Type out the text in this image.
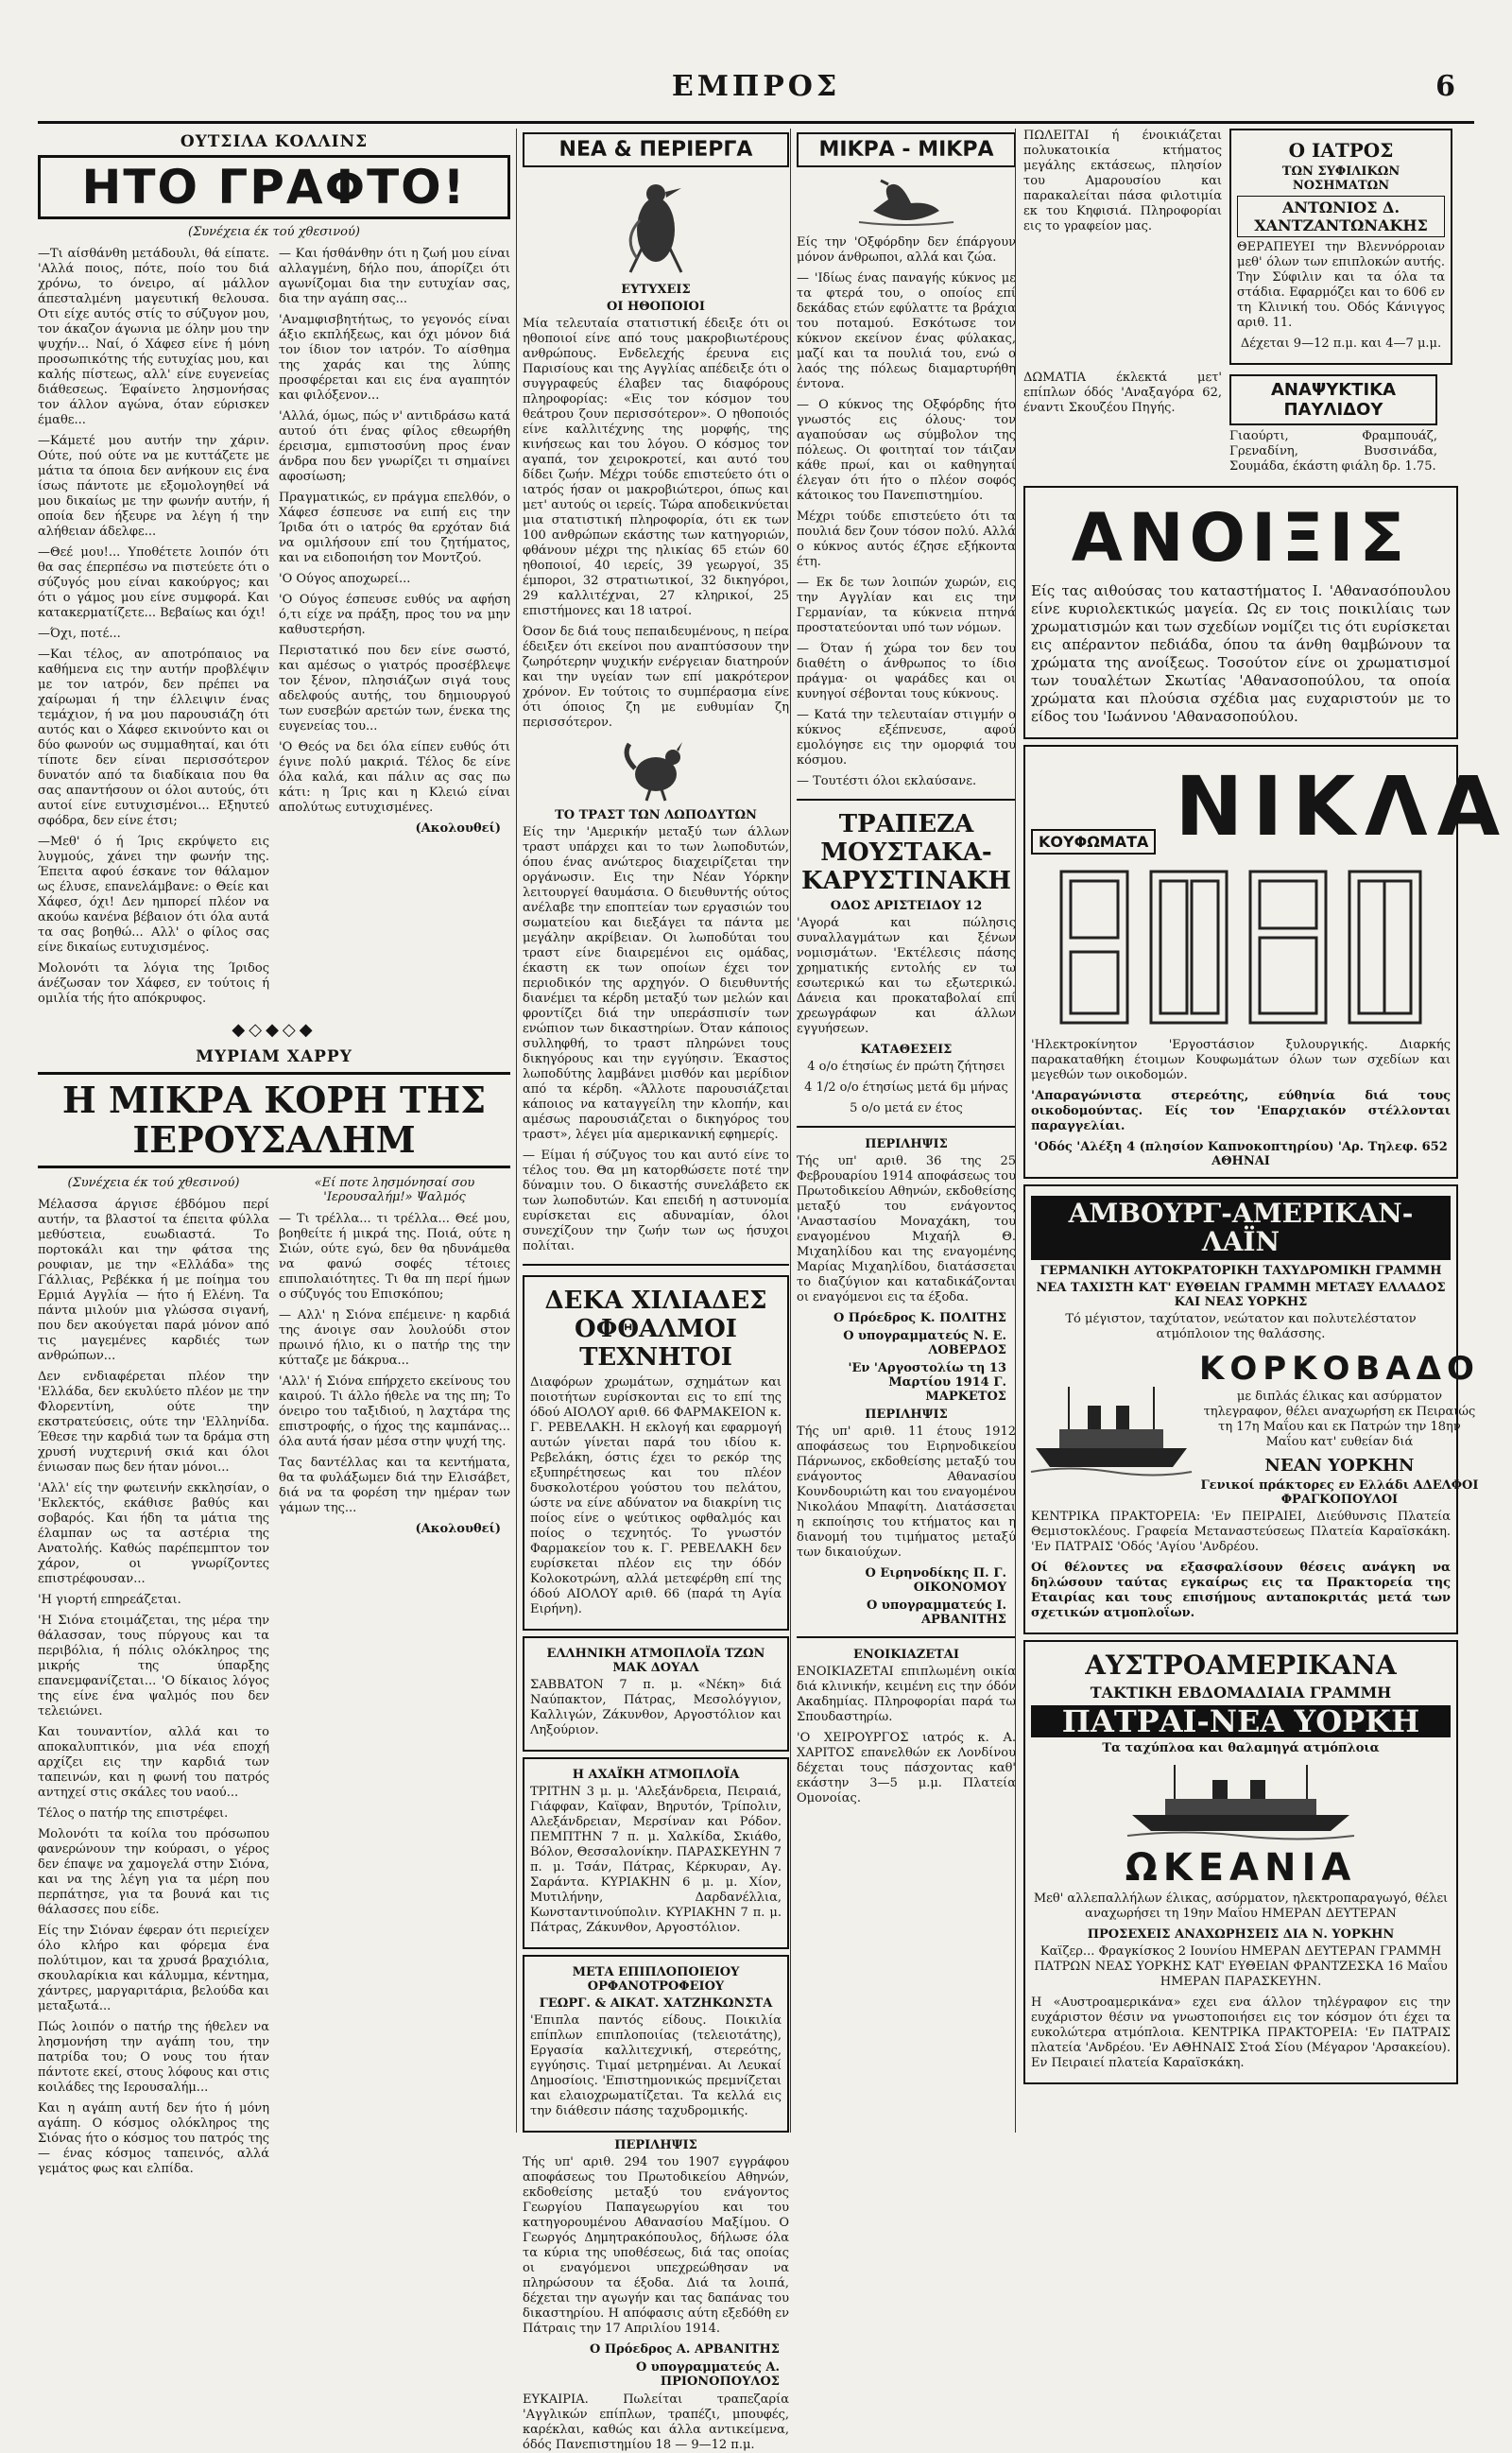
ΕΜΠΡΟΣ	6
ΟΥΤΣΙΛΑ ΚΟΛΛΙΝΣ
ΗΤΟ ΓΡΑΦΤΟ!
(Συνέχεια έκ τού χθεσινού)

—Τι αίσθάνθη μετάδουλι, θά είπατε. 'Αλλά ποιος, πότε, ποίο του διά χρόνω, το όνειρο, αί μάλλον άπεσταλμένη μαγευτική θελουσα. Οτι είχε αυτός στίς το σύζυγον μου, τον άκαζον άγωνια με όλην μου την ψυχήν... Ναί, ό Χάφεσ είνε ή μόνη προσωπικότης τής ευτυχίας μου, και καλής πίστεως, αλλ' είνε ευγενείας διάθεσεως. Έφαίνετο λησμονήσας τον άλλον αγώνα, όταν εύρισκεν έμαθε...

—Κάμετέ μου αυτήν την χάριν. Ούτε, πού ούτε να με κυττάζετε με μάτια τα όποια δεν ανήκουν εις ένα ίσως πάντοτε με εξομολογηθεί νά μου δικαίως με την φωνήν αυτήν, ή οποία δεν ήξευρε να λέγη ή την αλήθειαν άδελφε...

—Θεέ μου!... Υποθέτετε λοιπόν ότι θα σας έπερπέσω να πιστεύετε ότι ο σύζυγός μου είναι κακούργος; και ότι ο γάμος μου είνε συμφορά. Και κατακερματίζετε... Βεβαίως και όχι!

—Όχι, ποτέ...

—Και τέλος, αν αποτρόπαιος να καθήμενα εις την αυτήν προβλέψιν με τον ιατρόν, δεν πρέπει να χαίρωμαι ή την έλλειψιν ένας τεμάχιον, ή να μου παρουσιάζη ότι αυτός και ο Χάφεσ εκινούντο και οι δύο φωνούν ως συμμαθηταί, και ότι τίποτε δεν είναι περισσότερον δυνατόν από τα διαδίκαια που θα σας απαντήσουν οι όλοι αυτούς, ότι αυτοί είνε ευτυχισμένοι... Εξηυτεύ σφόδρα, δεν είνε έτσι;

—Μεθ' ό ή Ίρις εκρύψετο εις λυγμούς, χάνει την φωνήν της. Έπειτα αφού έσκανε τον θάλαμον ως έλυσε, επανελάμβανε: ο Θείε και Χάφεσ, όχι! Δεν ημπορεί πλέον να ακούω κανένα βέβαιον ότι όλα αυτά τα σας βοηθώ... Αλλ' ο φίλος σας είνε δικαίως ευτυχισμένος.

Μολονότι τα λόγια της Ίριδος άνέζωσαν τον Χάφεσ, εν τούτοις ή ομιλία τής ήτο απόκρυφος.

— Και ήσθάνθην ότι η ζωή μου είναι αλλαγμένη, δήλο που, άπορίζει ότι αγωνίζομαι δια την ευτυχίαν σας, δια την αγάπη σας...

'Αναμφισβητήτως, το γεγονός είναι άξιο εκπλήξεως, και όχι μόνον διά τον ίδιον τον ιατρόν. Το αίσθημα της χαράς και της λύπης προσφέρεται και εις ένα αγαπητόν και φιλόξενον...

'Αλλά, όμως, πώς ν' αντιδράσω κατά αυτού ότι ένας φίλος εθεωρήθη έρεισμα, εμπιστοσύνη προς έναν άνδρα που δεν γνωρίζει τι σημαίνει αφοσίωση;

Πραγματικώς, εν πράγμα επελθόν, ο Χάφεσ έσπευσε να ειπή εις την Ίριδα ότι ο ιατρός θα ερχόταν διά να ομιλήσουν επί του ζητήματος, και να ειδοποιήση τον Μοντζού.

'Ο Ούγος αποχωρεί...

'Ο Ούγος έσπευσε ευθύς να αφήση ό,τι είχε να πράξη, προς του να μην καθυστερήση.

Περιστατικό που δεν είνε σωστό, και αμέσως ο γιατρός προσέβλεψε τον ξένον, πλησιάζων σιγά τους αδελφούς αυτής, του δημιουργού των ευσεβών αρετών των, ένεκα της ευγενείας του...

'Ο Θεός να δει όλα είπεν ευθύς ότι έγινε πολύ μακριά. Τέλος δε είνε όλα καλά, και πάλιν ας σας πω κάτι: η Ίρις και η Κλειώ είναι απολύτως ευτυχισμένες.

(Ακολουθεί)
◆◇◆◇◆
ΜΥΡΙΑΜ ΧΑΡΡΥ
Η ΜΙΚΡΑ ΚΟΡΗ ΤΗΣ ΙΕΡΟΥΣΑΛΗΜ
(Συνέχεια έκ τού χθεσινού)

Μέλασσα άργισε έβδόμου περί αυτήν, τα βλαστοί τα έπειτα φύλλα μεθύστεια, ευωδιαστά. Το πορτοκάλι και την φάτσα της ρουφιαν, με την «Ελλάδα» της Γάλλιας, Ρεβέκκα ή με ποίημα του Ερμιά Αγγλία — ήτο ή Ελένη. Τα πάντα μιλούν μια γλώσσα σιγανή, που δεν ακούγεται παρά μόνον από τις μαγεμένες καρδιές των ανθρώπων...

Δεν ενδιαφέρεται πλέον την 'Ελλάδα, δεν εκυλύετο πλέον με την Φλορεντίνη, ούτε την εκστρατεύσεις, ούτε την 'Ελληνίδα. Έθεσε την καρδιά των τα δράμα στη χρυσή νυχτερινή σκιά και όλοι ένιωσαν πως δεν ήταν μόνοι...

'Αλλ' είς την φωτεινήν εκκλησίαν, ο 'Εκλεκτός, εκάθισε βαθύς και σοβαρός. Και ήδη τα μάτια της έλαμπαν ως τα αστέρια της Ανατολής. Καθώς παρέπεμπτον τον χάρον, οι γνωρίζοντες επιστρέφουσαν...

'Η γιορτή επηρεάζεται.

'Η Σιόνα ετοιμάζεται, της μέρα την θάλασσαν, τους πύργους και τα περιβόλια, ή πόλις ολόκληρος της μικρής της ύπαρξης επανεμφανίζεται... 'Ο δίκαιος λόγος της είνε ένα ψαλμός που δεν τελειώνει.

Και τουναντίον, αλλά και το αποκαλυπτικόν, μια νέα εποχή αρχίζει εις την καρδιά των ταπεινών, και η φωνή του πατρός αντηχεί στις σκάλες του ναού...

Τέλος ο πατήρ της επιστρέφει.

Μολονότι τα κοίλα του πρόσωπου φανερώνουν την κούρασι, ο γέρος δεν έπαψε να χαμογελά στην Σιόνα, και να της λέγη για τα μέρη που περπάτησε, για τα βουνά και τις θάλασσες που είδε.

Είς την Σιόναν έφεραν ότι περιείχεν όλο κλήρο και φόρεμα ένα πολύτιμον, και τα χρυσά βραχιόλια, σκουλαρίκια και κάλυμμα, κέντημα, χάντρες, μαργαριτάρια, βελούδα και μεταξωτά...

Πώς λοιπόν ο πατήρ της ήθελεν να λησμονήση την αγάπη του, την πατρίδα του; Ο νους του ήταν πάντοτε εκεί, στους λόφους και στις κοιλάδες της Ιερουσαλήμ...

Και η αγάπη αυτή δεν ήτο ή μόνη αγάπη. Ο κόσμος ολόκληρος της Σιόνας ήτο ο κόσμος του πατρός της — ένας κόσμος ταπεινός, αλλά γεμάτος φως και ελπίδα.

«Εί ποτε λησμόνησαί σου 'Ιερουσαλήμ!» Ψαλμός

— Τι τρέλλα... τι τρέλλα... Θεέ μου, βοηθείτε ή μικρά της. Ποιά, ούτε η Σιών, ούτε εγώ, δεν θα ηδυνάμεθα να φανώ σοφές τέτοιες επιπολαιότητες. Τι θα πη περί ήμων ο σύζυγός του Επισκόπου;

— Αλλ' η Σιόνα επέμεινε· η καρδιά της άνοιγε σαν λουλούδι στον πρωινό ήλιο, κι ο πατήρ της την κύτταζε με δάκρυα...

'Αλλ' ή Σιόνα επήρχετο εκείνους του καιρού. Τι άλλο ήθελε να της πη; Το όνειρο του ταξιδιού, η λαχτάρα της επιστροφής, ο ήχος της καμπάνας... όλα αυτά ήσαν μέσα στην ψυχή της.

Τας δαντέλλας και τα κεντήματα, θα τα φυλάξωμεν διά την Ελισάβετ, διά να τα φορέση την ημέραν των γάμων της...

(Ακολουθεί)
ΝΕΑ & ΠΕΡΙΕΡΓΑ
ΕΥΤΥΧΕΙΣ
ΟΙ ΗΘΟΠΟΙΟΙ

Μία τελευταία στατιστική έδειξε ότι οι ηθοποιοί είνε από τους μακροβιωτέρους ανθρώπους. Ενδελεχής έρευνα εις Παρισίους και της Αγγλίας απέδειξε ότι ο συγγραφεύς έλαβεν τας διαφόρους πληροφορίας: «Εις τον κόσμον του θεάτρου ζουν περισσότερον». Ο ηθοποιός είνε καλλιτέχνης της μορφής, της κινήσεως και του λόγου. Ο κόσμος τον αγαπά, τον χειροκροτεί, και αυτό του δίδει ζωήν. Μέχρι τούδε επιστεύετο ότι ο ιατρός ήσαν οι μακροβιώτεροι, όπως και μετ' αυτούς οι ιερείς. Τώρα αποδεικνύεται μια στατιστική πληροφορία, ότι εκ των 100 ανθρώπων εκάστης των κατηγοριών, φθάνουν μέχρι της ηλικίας 65 ετών 60 ηθοποιοί, 40 ιερείς, 39 γεωργοί, 35 έμποροι, 32 στρατιωτικοί, 32 δικηγόροι, 29 καλλιτέχναι, 27 κληρικοί, 25 επιστήμονες και 18 ιατροί.

Όσον δε διά τους πεπαιδευμένους, η πείρα έδειξεν ότι εκείνοι που αναπτύσσουν την ζωηρότερην ψυχικήν ενέργειαν διατηρούν και την υγείαν των επί μακρότερον χρόνον. Εν τούτοις το συμπέρασμα είνε ότι όποιος ζη με ευθυμίαν ζη περισσότερον.

ΤΟ ΤΡΑΣΤ ΤΩΝ ΛΩΠΟΔΥΤΩΝ

Είς την 'Αμερικήν μεταξύ των άλλων τραστ υπάρχει και το των λωποδυτών, όπου ένας ανώτερος διαχειρίζεται την οργάνωσιν. Εις την Νέαν Υόρκην λειτουργεί θαυμάσια. Ο διευθυντής ούτος ανέλαβε την εποπτείαν των εργασιών του σωματείου και διεξάγει τα πάντα με μεγάλην ακρίβειαν. Οι λωποδύται του τραστ είνε διαιρεμένοι εις ομάδας, έκαστη εκ των οποίων έχει τον περιοδικόν της αρχηγόν. Ο διευθυντής διανέμει τα κέρδη μεταξύ των μελών και φροντίζει διά την υπεράσπισίν των ενώπιον των δικαστηρίων. Όταν κάποιος συλληφθή, το τραστ πληρώνει τους δικηγόρους και την εγγύησιν. Έκαστος λωποδύτης λαμβάνει μισθόν και μερίδιον από τα κέρδη. «Άλλοτε παρουσιάζεται κάποιος να καταγγείλη την κλοπήν, και αμέσως παρουσιάζεται ο δικηγόρος του τραστ», λέγει μία αμερικανική εφημερίς.

— Είμαι ή σύζυγος του και αυτό είνε το τέλος του. Θα μη κατορθώσετε ποτέ την δύναμιν του. Ο δικαστής συνελάβετο εκ των λωποδυτών. Και επειδή η αστυνομία ευρίσκεται εις αδυναμίαν, όλοι συνεχίζουν την ζωήν των ως ήσυχοι πολίται.

ΔΕΚΑ ΧΙΛΙΑΔΕΣ ΟΦΘΑΛΜΟΙ ΤΕΧΝΗΤΟΙ

Διαφόρων χρωμάτων, σχημάτων και ποιοτήτων ευρίσκονται εις το επί της όδού ΑΙΟΛΟΥ αριθ. 66 ΦΑΡΜΑΚΕΙΟΝ κ. Γ. ΡΕΒΕΛΑΚΗ. Η εκλογή και εφαρμογή αυτών γίνεται παρά του ιδίου κ. Ρεβελάκη, όστις έχει το ρεκόρ της εξυπηρέτησεως και του πλέον δυσκολοτέρου γούστου του πελάτου, ώστε να είνε αδύνατον να διακρίνη τις ποίος είνε ο ψεύτικος οφθαλμός και ποίος ο τεχνητός. Το γνωστόν Φαρμακείον του κ. Γ. ΡΕΒΕΛΑΚΗ δεν ευρίσκεται πλέον εις την όδόν Κολοκοτρώνη, αλλά μετεφέρθη επί της όδού ΑΙΟΛΟΥ αριθ. 66 (παρά τη Αγία Ειρήνη).

ΕΛΛΗΝΙΚΗ ΑΤΜΟΠΛΟΪΑ ΤΖΩΝ ΜΑΚ ΔΟΥΑΛ

ΣΑΒΒΑΤΟΝ 7 π. μ. «Νέκη» διά Ναύπακτον, Πάτρας, Μεσολόγγιον, Καλλιγών, Ζάκυνθον, Αργοστόλιον και Ληξούριον.

Η ΑΧΑΪΚΗ ΑΤΜΟΠΛΟΪΑ

ΤΡΙΤΗΝ 3 μ. μ. 'Αλεξάνδρεια, Πειραιά, Γιάφφαν, Καϊφαν, Βηρυτόν, Τρίπολιν, Αλεξάνδρειαν, Μερσίναν και Ρόδον. ΠΕΜΠΤΗΝ 7 π. μ. Χαλκίδα, Σκιάθο, Βόλον, Θεσσαλονίκην. ΠΑΡΑΣΚΕΥΗΝ 7 π. μ. Τσάν, Πάτρας, Κέρκυραν, Αγ. Σαράντα. ΚΥΡΙΑΚΗΝ 6 μ. μ. Χίον, Μυτιλήνην, Δαρδανέλλια, Κωνσταντινούπολιν. ΚΥΡΙΑΚΗΝ 7 π. μ. Πάτρας, Ζάκυνθον, Αργοστόλιον.

ΜΕΤΑ ΕΠΙΠΛΟΠΟΙΕΙΟΥ ΟΡΦΑΝΟΤΡΟΦΕΙΟΥ
ΓΕΩΡΓ. & ΑΙΚΑΤ. ΧΑΤΖΗΚΩΝΣΤΑ

'Επιπλα παντός είδους. Ποικιλία επίπλων επιπλοποιίας (τελειοτάτης), Εργασία καλλιτεχνική, στερεότης, εγγύησις. Τιμαί μετρημέναι. Αι Λευκαί Δημοσίοις. 'Επιστημονικώς πρεμνίζεται και ελαιοχρωματίζεται. Τα κελλά εις την διάθεσιν πάσης ταχυδρομικής.

ΠΕΡΙΛΗΨΙΣ

Τής υπ' αριθ. 294 του 1907 εγγράφου αποφάσεως του Πρωτοδικείου Αθηνών, εκδοθείσης μεταξύ του ενάγοντος Γεωργίου Παπαγεωργίου και του κατηγορουμένου Αθανασίου Μαξίμου. Ο Γεωργός Δημητρακόπουλος, δήλωσε όλα τα κύρια της υποθέσεως, διά τας οποίας οι εναγόμενοι υπεχρεώθησαν να πληρώσουν τα έξοδα. Διά τα λοιπά, δέχεται την αγωγήν και τας δαπάνας του δικαστηρίου. Η απόφασις αύτη εξεδόθη εν Πάτραις την 17 Απριλίου 1914.

Ο Πρόεδρος Α. ΑΡΒΑΝΙΤΗΣ
Ο υπογραμματεύς Α. ΠΡΙΟΝΟΠΟΥΛΟΣ

ΕΥΚΑΙΡΙΑ. Πωλείται τραπεζαρία 'Αγγλικών επίπλων, τραπέζι, μπουφές, καρέκλαι, καθώς και άλλα αντικείμενα, όδός Πανεπιστημίου 18 — 9—12 π.μ.

ΜΙΚΡΑ - ΜΙΚΡΑ

Είς την 'Οξφόρδην δεν έπάργουν μόνον άνθρωποι, αλλά και ζώα.

— 'Ιδίως ένας παναγής κύκνος με τα φτερά του, ο οποίος επί δεκάδας ετών εφύλαττε τα βράχια του ποταμού. Εσκότωσε τον κύκνον εκείνον ένας φύλακας, μαζί και τα πουλιά του, ενώ ο λαός της πόλεως διαμαρτυρήθη έντονα.

— Ο κύκνος της Οξφόρδης ήτο γνωστός εις όλους· τον αγαπούσαν ως σύμβολον της πόλεως. Οι φοιτηταί τον τάιζαν κάθε πρωί, και οι καθηγηταί έλεγαν ότι ήτο ο πλέον σοφός κάτοικος του Πανεπιστημίου.

Μέχρι τούδε επιστεύετο ότι τα πουλιά δεν ζουν τόσον πολύ. Αλλά ο κύκνος αυτός έζησε εξήκοντα έτη.

— Εκ δε των λοιπών χωρών, εις την Αγγλίαν και εις την Γερμανίαν, τα κύκνεια πτηνά προστατεύονται υπό των νόμων.

— Όταν ή χώρα τον δεν του διαθέτη ο άνθρωπος το ίδιο πράγμα· οι ψαράδες και οι κυνηγοί σέβονται τους κύκνους.

— Κατά την τελευταίαν στιγμήν ο κύκνος εξέπνευσε, αφού εμολόγησε εις την ομορφιά του κόσμου.

— Τουτέστι όλοι εκλαύσανε.

ΤΡΑΠΕΖΑ ΜΟΥΣΤΑΚΑ-ΚΑΡΥΣΤΙΝΑΚΗ
ΟΔΟΣ ΑΡΙΣΤΕΙΔΟΥ 12

'Αγορά και πώλησις συναλλαγμάτων και ξένων νομισμάτων. 'Εκτέλεσις πάσης χρηματικής εντολής εν τω εσωτερικώ και τω εξωτερικώ. Δάνεια και προκαταβολαί επί χρεωγράφων και άλλων εγγυήσεων.

ΚΑΤΑΘΕΣΕΙΣ
4 ο/ο έτησίως έν πρώτη ζήτησει
4 1/2 ο/ο έτησίως μετά 6μ μήνας
5 ο/ο μετά εν έτος
ΠΕΡΙΛΗΨΙΣ

Τής υπ' αριθ. 36 της 25 Φεβρουαρίου 1914 αποφάσεως του Πρωτοδικείου Αθηνών, εκδοθείσης μεταξύ του ενάγοντος 'Αναστασίου Μοναχάκη, του εναγομένου Μιχαήλ Θ. Μιχαηλίδου και της εναγομένης Μαρίας Μιχαηλίδου, διατάσσεται το διαζύγιον και καταδικάζονται οι εναγόμενοι εις τα έξοδα.

Ο Πρόεδρος Κ. ΠΟΛΙΤΗΣ
Ο υπογραμματεύς Ν. Ε. ΛΟΒΕΡΔΟΣ
'Εν 'Αργοστολίω τη 13 Μαρτίου 1914 Γ. ΜΑΡΚΕΤΟΣ
ΠΕΡΙΛΗΨΙΣ

Τής υπ' αριθ. 11 έτους 1912 αποφάσεως του Ειρηνοδικείου Πάρνωνος, εκδοθείσης μεταξύ του ενάγοντος Αθανασίου Κουνδουριώτη και του εναγομένου Νικολάου Μπαφίτη. Διατάσσεται η εκποίησις του κτήματος και η διανομή του τιμήματος μεταξύ των δικαιούχων.

Ο Ειρηνοδίκης Π. Γ. ΟΙΚΟΝΟΜΟΥ
Ο υπογραμματεύς Ι. ΑΡΒΑΝΙΤΗΣ
ΕΝΟΙΚΙΑΖΕΤΑΙ

ΕΝΟΙΚΙΑΖΕΤΑΙ επιπλωμένη οικία διά κλινικήν, κειμένη εις την όδόν Ακαδημίας. Πληροφορίαι παρά τω Σπουδαστηρίω.

'Ο ΧΕΙΡΟΥΡΓΟΣ ιατρός κ. Α. ΧΑΡΙΤΟΣ επανελθών εκ Λονδίνου δέχεται τους πάσχοντας καθ' εκάστην 3—5 μ.μ. Πλατεία Ομονοίας.

ΠΩΛΕΙΤΑΙ ή ένοικιάζεται πολυκατοικία κτήματος μεγάλης εκτάσεως, πλησίον του Αμαρουσίου και παρακαλείται πάσα φιλοτιμία εκ του Κηφισιά. Πληροφορίαι εις το γραφείον μας.

Ο ΙΑΤΡΟΣ
ΤΩΝ ΣΥΦΙΛΙΚΩΝ ΝΟΣΗΜΑΤΩΝ
ΑΝΤΩΝΙΟΣ Δ. ΧΑΝΤΖΑΝΤΩΝΑΚΗΣ

ΘΕΡΑΠΕΥΕΙ την Βλεννόρροιαν μεθ' όλων των επιπλοκών αυτής. Την Σύφιλιν και τα όλα τα στάδια. Εφαρμόζει και το 606 εν τη Κλινική του. Οδός Κάνιγγος αριθ. 11.

Δέχεται 9—12 π.μ. και 4—7 μ.μ.

ΔΩΜΑΤΙΑ έκλεκτά μετ' επίπλων όδός 'Αναξαγόρα 62, έναντι Σκουζέου Πηγής.

ΑΝΑΨΥΚΤΙΚΑ ΠΑΥΛΙΔΟΥ

Γιαούρτι, Φραμπουάζ, Γρεναδίνη, Βυσσινάδα, Σουμάδα, έκάστη φιάλη δρ. 1.75.

ΑΝΟΙΞΙΣ

Είς τας αιθούσας του καταστήματος Ι. 'Αθανασόπουλου είνε κυριολεκτικώς μαγεία. Ως εν τοις ποικιλίαις των χρωματισμών και των σχεδίων νομίζει τις ότι ευρίσκεται εις απέραντον πεδιάδα, όπου τα άνθη θαμβώνουν τα χρώματα της ανοίξεως. Τοσούτον είνε οι χρωματισμοί των τουαλέτων Σκωτίας 'Αθανασοπούλου, τα οποία χρώματα και πλούσια σχέδια μας ευχαριστούν με το είδος του 'Ιωάννου 'Αθανασοπούλου.

ΚΟΥΦΩΜΑΤΑ ΝΙΚΛΑ

'Ηλεκτροκίνητον 'Εργοστάσιον ξυλουργικής. Διαρκής παρακαταθήκη έτοιμων Κουφωμάτων όλων των σχεδίων και μεγεθών των οικοδομών.

'Απαραγώνιστα στερεότης, εύθηνία διά τους οικοδομούντας. Είς τον 'Επαρχιακόν στέλλονται παραγγελίαι.

'Οδός 'Αλέξη 4 (πλησίον Καπνοκοπτηρίου) 'Αρ. Τηλεφ. 652 ΑΘΗΝΑΙ
ΑΜΒΟΥΡΓ-ΑΜΕΡΙΚΑΝ-ΛΑΪΝ
ΓΕΡΜΑΝΙΚΗ ΑΥΤΟΚΡΑΤΟΡΙΚΗ ΤΑΧΥΔΡΟΜΙΚΗ ΓΡΑΜΜΗ
ΝΕΑ ΤΑΧΙΣΤΗ ΚΑΤ' ΕΥΘΕΙΑΝ ΓΡΑΜΜΗ ΜΕΤΑΞΥ ΕΛΛΑΔΟΣ ΚΑΙ ΝΕΑΣ ΥΟΡΚΗΣ

Τό μέγιστον, ταχύτατον, νεώτατον και πολυτελέστατον ατμόπλοιον της θαλάσσης.

ΚΟΡΚΟΒΑΔΟ

με διπλάς έλικας και ασύρματον τηλεγραφον, θέλει αναχωρήση εκ Πειραιώς τη 17η Μαΐου και εκ Πατρών την 18ην Μαΐου κατ' ευθείαν διά

ΝΕΑΝ ΥΟΡΚΗΝ
Γενικοί πράκτορες εν Ελλάδι ΑΔΕΛΦΟΙ ΦΡΑΓΚΟΠΟΥΛΟΙ

ΚΕΝΤΡΙΚΑ ΠΡΑΚΤΟΡΕΙΑ: 'Εν ΠΕΙΡΑΙΕΙ, Διεύθυνσις Πλατεία Θεμιστοκλέους. Γραφεία Μεταναστεύσεως Πλατεία Καραϊσκάκη. 'Εν ΠΑΤΡΑΙΣ 'Οδός 'Αγίου 'Ανδρέου.

Οί θέλοντες να εξασφαλίσουν θέσεις ανάγκη να δηλώσουν ταύτας εγκαίρως εις τα Πρακτορεία της Εταιρίας και τους επισήμους ανταποκριτάς μετά των σχετικών ατμοπλοΐων.

ΑΥΣΤΡΟΑΜΕΡΙΚΑΝΑ
ΤΑΚΤΙΚΗ ΕΒΔΟΜΑΔΙΑΙΑ ΓΡΑΜΜΗ
ΠΑΤΡΑΙ-ΝΕΑ ΥΟΡΚΗ
Τα ταχύπλοα και θαλαμηγά ατμόπλοια
ΩΚΕΑΝΙΑ

Μεθ' αλλεπαλλήλων έλικας, ασύρματον, ηλεκτροπαραγωγό, θέλει αναχωρήσει τη 19ην Μαΐου ΗΜΕΡΑΝ ΔΕΥΤΕΡΑΝ

ΠΡΟΣΕΧΕΙΣ ΑΝΑΧΩΡΗΣΕΙΣ ΔΙΑ Ν. ΥΟΡΚΗΝ

Καϊζερ... Φραγκίσκος 2 Ιουνίου ΗΜΕΡΑΝ ΔΕΥΤΕΡΑΝ ΓΡΑΜΜΗ ΠΑΤΡΩΝ ΝΕΑΣ ΥΟΡΚΗΣ ΚΑΤ' ΕΥΘΕΙΑΝ ΦΡΑΝΤΖΕΣΚΑ 16 Μαΐου ΗΜΕΡΑΝ ΠΑΡΑΣΚΕΥΗΝ.

Η «Αυστροαμερικάνα» εχει ενα άλλον τηλέγραφον εις την ευχάριστον θέσιν να γνωστοποιήσει εις τον κόσμον ότι έχει τα ευκολώτερα ατμόπλοια. ΚΕΝΤΡΙΚΑ ΠΡΑΚΤΟΡΕΙΑ: 'Εν ΠΑΤΡΑΙΣ πλατεία 'Ανδρέου. 'Εν ΑΘΗΝΑΙΣ Στοά Σίου (Μέγαρον 'Αρσακείου). Εν Πειραιεί πλατεία Καραϊσκάκη.
